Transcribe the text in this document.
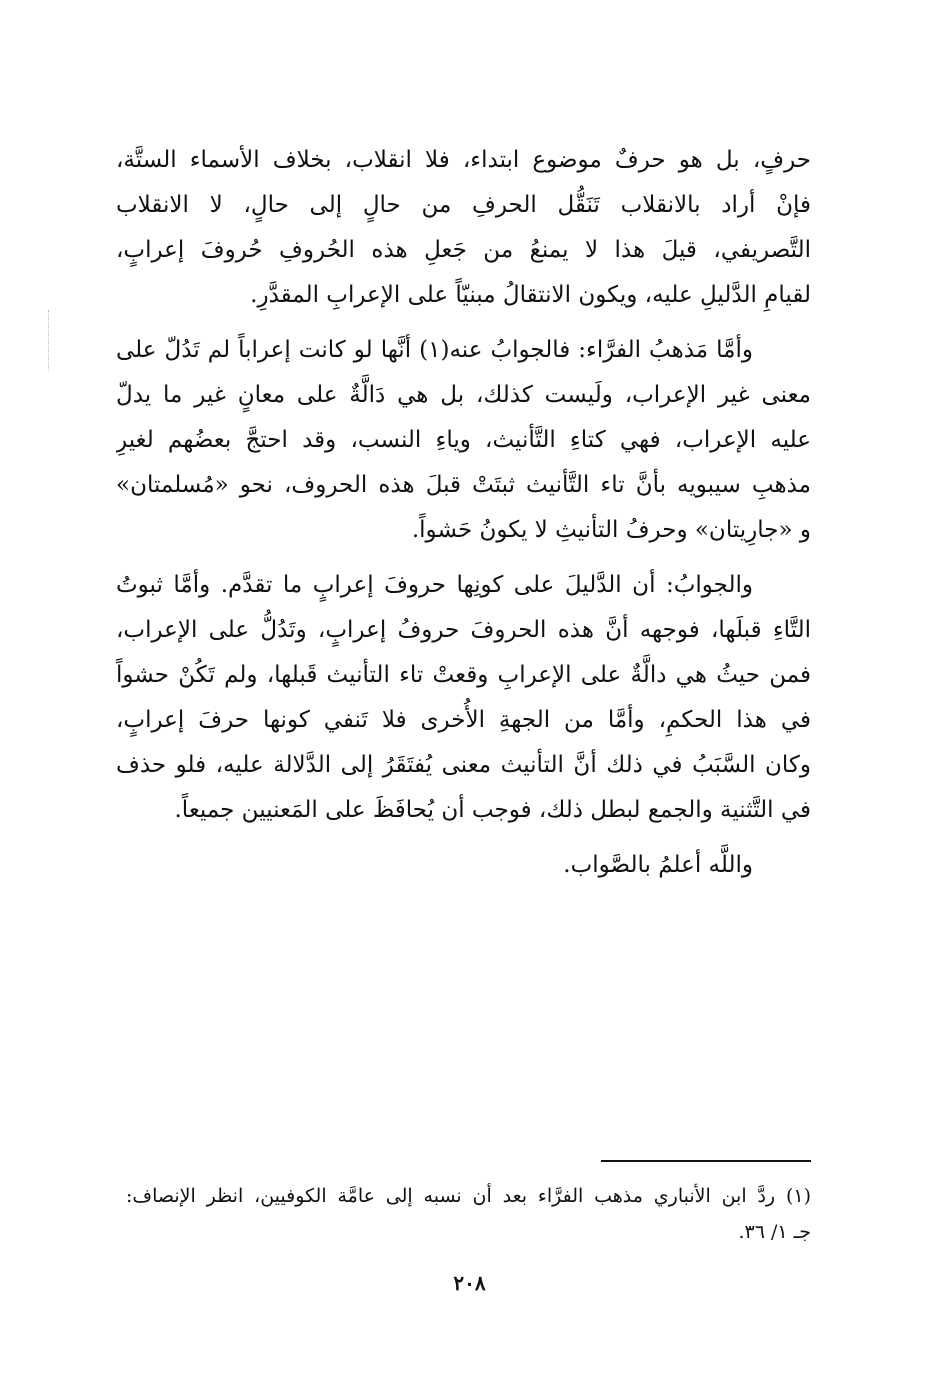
حرفٍ، بل هو حرفٌ موضوع ابتداء، فلا انقلاب، بخلاف الأسماء الستَّة،
فإنْ أراد بالانقلاب تَنَقُّل الحرفِ من حالٍ إلى حالٍ، لا الانقلاب
التَّصريفي، قيلَ هذا لا يمنعُ من جَعلِ هذه الحُروفِ حُروفَ إعرابٍ،
لقيامِ الدَّليلِ عليه، ويكون الانتقالُ مبنيّاً على الإعرابِ المقدَّرِ.
وأمَّا مَذهبُ الفرَّاء: فالجوابُ عنه(١) أنَّها لو كانت إعراباً لم تَدُلّ على
معنى غير الإعراب، ولَيست كذلك، بل هي دَالَّةٌ على معانٍ غير ما يدلّ
عليه الإعراب، فهي كتاءِ التَّأنيث، وياءِ النسب، وقد احتجَّ بعضُهم لغيرِ
مذهبِ سيبويه بأنَّ تاء التَّأنيث ثبتَتْ قبلَ هذه الحروف، نحو «مُسلمتان»
و «جارِيتان» وحرفُ التأنيثِ لا يكونُ حَشواً.
والجوابُ: أن الدَّليلَ على كونِها حروفَ إعرابٍ ما تقدَّم. وأمَّا ثبوتُ
التَّاءِ قبلَها، فوجهه أنَّ هذه الحروفَ حروفُ إعرابٍ، وتَدُلُّ على الإعراب،
فمن حيثُ هي دالَّةٌ على الإعرابِ وقعتْ تاء التأنيث قَبلها، ولم تَكُنْ حشواً
في هذا الحكمِ، وأمَّا من الجهةِ الأُخرى فلا تَنفي كونها حرفَ إعرابٍ،
وكان السَّبَبُ في ذلك أنَّ التأنيث معنى يُفتَقَرُ إلى الدَّلالة عليه، فلو حذف
في التَّثنية والجمع لبطل ذلك، فوجب أن يُحافَظَ على المَعنيين جميعاً.
واللَّه أعلمُ بالصَّواب.
(١) ردَّ ابن الأنباري مذهب الفرَّاء بعد أن نسبه إلى عامَّة الكوفيين، انظر الإنصاف:
جـ ١/ ٣٦.
٢٠٨
